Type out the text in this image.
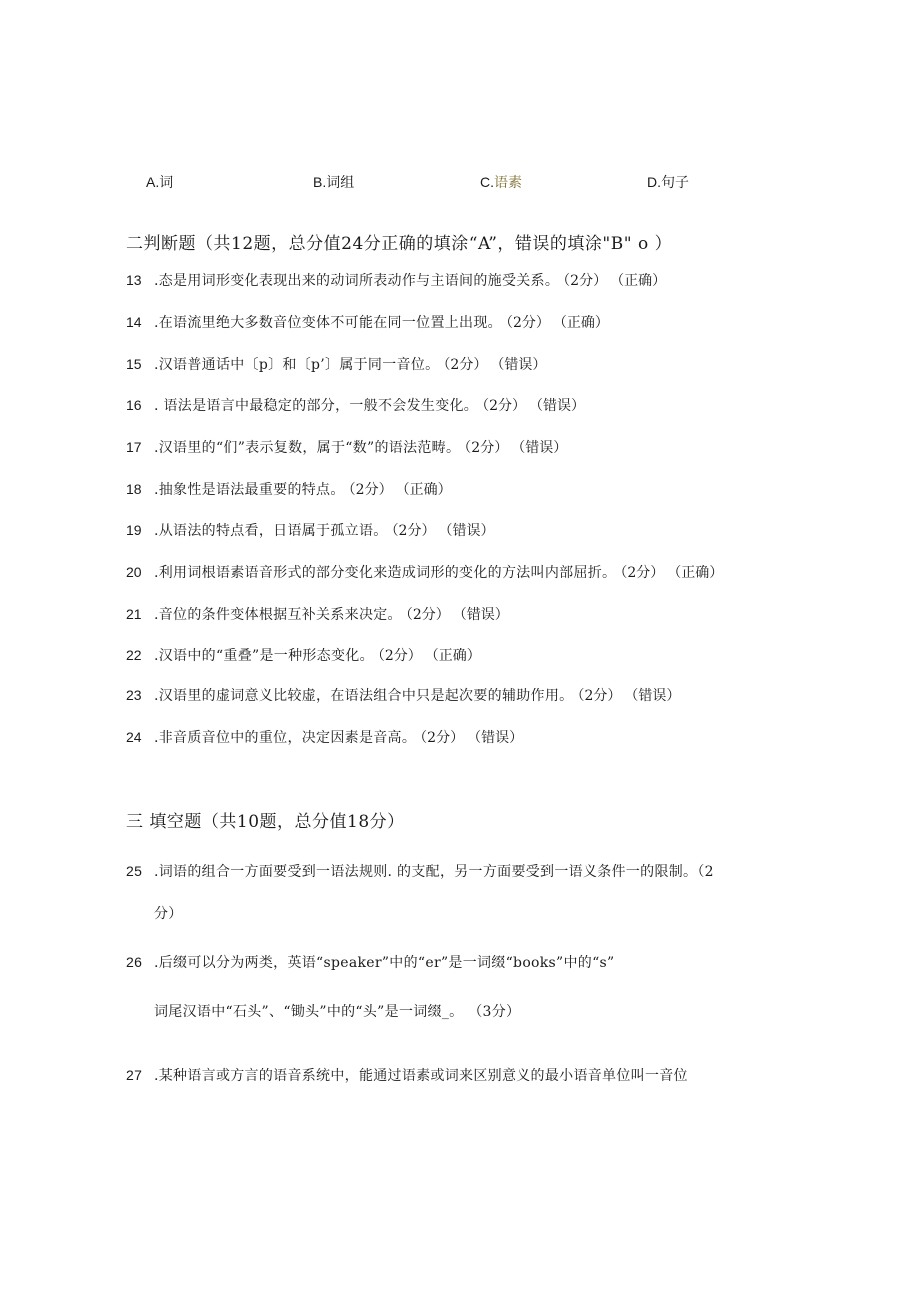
A.词	B.词组	C.语素	D.句子
二判断题（共12题，总分值24分正确的填涂“A”，错误的填涂"B" o ）
13 .态是用词形变化表现出来的动词所表动作与主语间的施受关系。 （2分） （正确）
14 .在语流里绝大多数音位变体不可能在同一位置上出现。 （2分） （正确）
15 .汉语普通话中〔p〕和〔p’〕属于同一音位。 （2分） （错误）
16 . 语法是语言中最稳定的部分，一般不会发生变化。 （2分） （错误）
17 .汉语里的“们”表示复数，属于“数”的语法范畴。 （2分） （错误）
18 .抽象性是语法最重要的特点。 （2分） （正确）
19 .从语法的特点看，日语属于孤立语。 （2分） （错误）
20 .利用词根语素语音形式的部分变化来造成词形的变化的方法叫内部屈折。 （2分） （正确）
21 .音位的条件变体根据互补关系来决定。 （2分） （错误）
22 .汉语中的“重叠”是一种形态变化。 （2分） （正确）
23 .汉语里的虚词意义比较虚，在语法组合中只是起次要的辅助作用。 （2分） （错误）
24 .非音质音位中的重位，决定因素是音高。 （2分） （错误）
三 填空题（共10题，总分值18分）
25 .词语的组合一方面要受到一语法规则. 的支配，另一方面要受到一语义条件一的限制。（2
分）
26 .后缀可以分为两类，英语“speaker”中的“er”是一词缀“books”中的“s”
词尾汉语中“石头”、“锄头”中的“头”是一词缀_。 （3分）
27 .某种语言或方言的语音系统中，能通过语素或词来区别意义的最小语音单位叫一音位
